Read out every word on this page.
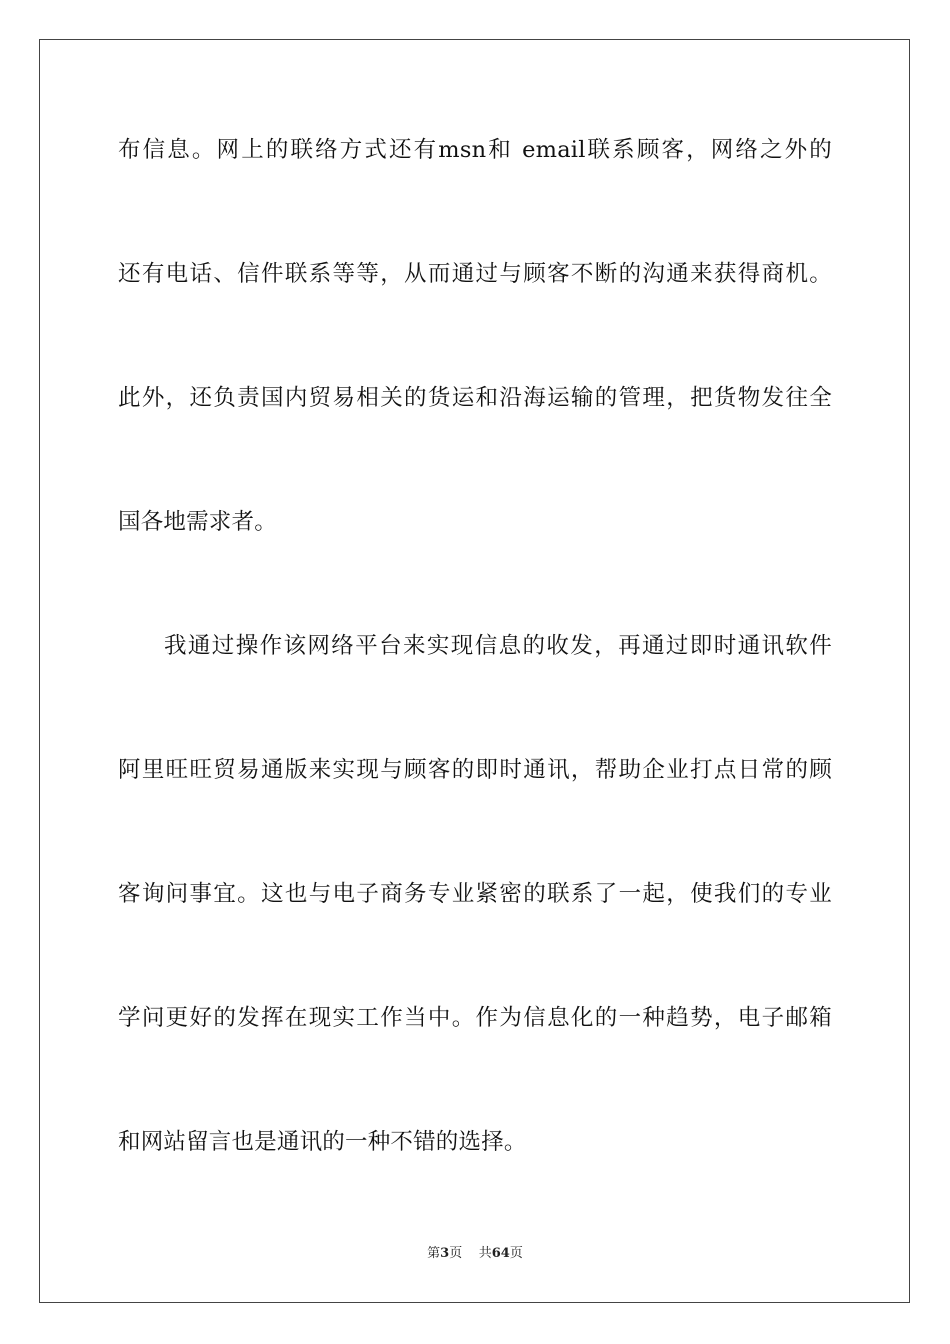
布信息。网上的联络方式还有msn和 email联系顾客，网络之外的
还有电话、信件联系等等，从而通过与顾客不断的沟通来获得商机。
此外，还负责国内贸易相关的货运和沿海运输的管理，把货物发往全
国各地需求者。
我通过操作该网络平台来实现信息的收发，再通过即时通讯软件
阿里旺旺贸易通版来实现与顾客的即时通讯，帮助企业打点日常的顾
客询问事宜。这也与电子商务专业紧密的联系了一起，使我们的专业
学问更好的发挥在现实工作当中。作为信息化的一种趋势，电子邮箱
和网站留言也是通讯的一种不错的选择。
第3页 共64页
